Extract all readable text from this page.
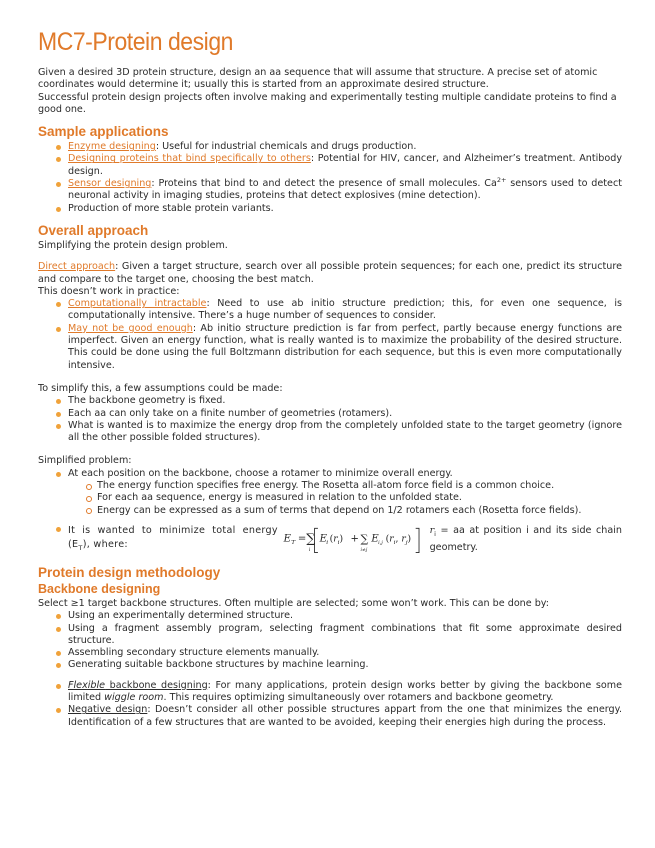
MC7-Protein design

Given a desired 3D protein structure, design an aa sequence that will assume that structure. A precise set of atomic coordinates would determine it; usually this is started from an approximate desired structure.

Successful protein design projects often involve making and experimentally testing multiple candidate proteins to find a good one.

Sample applications
Enzyme designing: Useful for industrial chemicals and drugs production.
Designing proteins that bind specifically to others: Potential for HIV, cancer, and Alzheimer’s treatment. Antibody design.
Sensor designing: Proteins that bind to and detect the presence of small molecules. $Ca^{2+}$ sensors used to detect neuronal activity in imaging studies, proteins that detect explosives (mine detection).
Production of more stable protein variants.
Overall approach

Simplifying the protein design problem.

Direct approach: Given a target structure, search over all possible protein sequences; for each one, predict its structure and compare to the target one, choosing the best match.

This doesn’t work in practice:

Computationally intractable: Need to use ab initio structure prediction; this, for even one sequence, is computationally intensive. There’s a huge number of sequences to consider.
May not be good enough: Ab initio structure prediction is far from perfect, partly because energy functions are imperfect. Given an energy function, what is really wanted is to maximize the probability of the desired structure. This could be done using the full Boltzmann distribution for each sequence, but this is even more computationally intensive.

To simplify this, a few assumptions could be made:

The backbone geometry is fixed.
Each aa can only take on a finite number of geometries (rotamers).
What is wanted is to maximize the energy drop from the completely unfolded state to the target geometry (ignore all the other possible folded structures).

Simplified problem:

At each position on the backbone, choose a rotamer to minimize overall energy.
The energy function specifies free energy. The Rosetta all-atom force field is a common choice.
For each aa sequence, energy is measured in relation to the unfolded state.
Energy can be expressed as a sum of terms that depend on 1/2 rotamers each (Rosetta force fields).
It is wanted to minimize total energy $(E_T)$, where:
E T = ∑
i
E i $(r_i)$ + ∑
i≠j
E i,j ($r_i$, $r_j$)
$r_i$ = aa at position i and its side chain geometry.
Protein design methodology
Backbone designing

Select ≥1 target backbone structures. Often multiple are selected; some won’t work. This can be done by:

Using an experimentally determined structure.
Using a fragment assembly program, selecting fragment combinations that fit some approximate desired structure.
Assembling secondary structure elements manually.
Generating suitable backbone structures by machine learning.
Flexible backbone designing: For many applications, protein design works better by giving the backbone some limited wiggle room. This requires optimizing simultaneously over rotamers and backbone geometry.
Negative design: Doesn’t consider all other possible structures appart from the one that minimizes the energy. Identification of a few structures that are wanted to be avoided, keeping their energies high during the process.
